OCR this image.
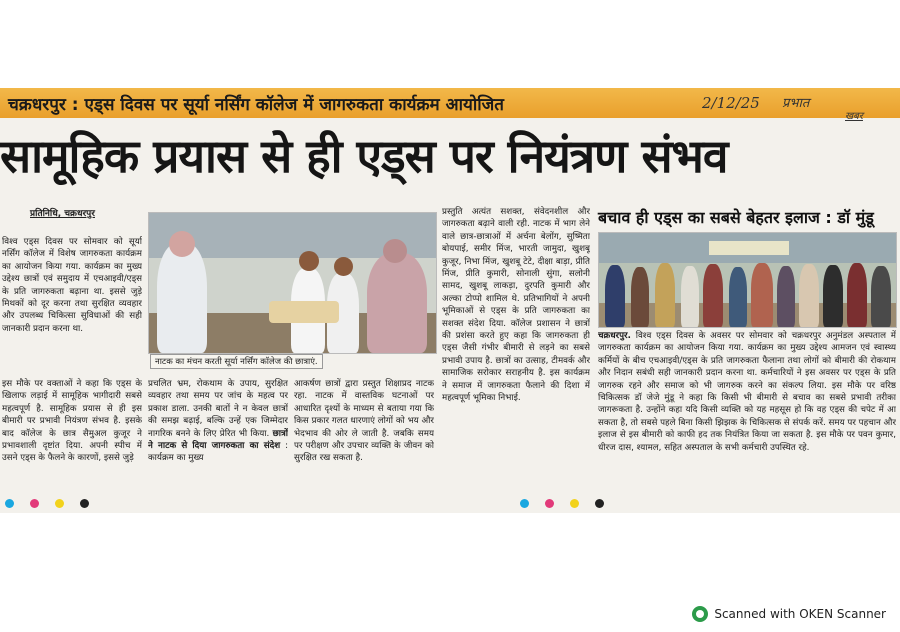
चक्रधरपुर : एड्स दिवस पर सूर्या नर्सिंग कॉलेज में जागरुकता कार्यक्रम आयोजित	2/12/25 प्रभात
खबर
सामूहिक प्रयास से ही एड्स पर नियंत्रण संभव
प्रतिनिधि, चक्रधरपुर

विश्व एड्स दिवस पर सोमवार को सूर्या नर्सिंग कॉलेज में विशेष जागरुकता कार्यक्रम का आयोजन किया गया. कार्यक्रम का मुख्य उद्देश्य छात्रों एवं समुदाय में एचआइवी/एड्स के प्रति जागरुकता बढ़ाना था. इससे जुड़े मिथकों को दूर करना तथा सुरक्षित व्यवहार और उपलब्ध चिकित्सा सुविधाओं की सही जानकारी प्रदान करना था.

इस मौके पर वक्ताओं ने कहा कि एड्स के खिलाफ लड़ाई में सामूहिक भागीदारी सबसे महत्वपूर्ण है. सामूहिक प्रयास से ही इस बीमारी पर प्रभावी नियंत्रण संभव है. इसके बाद कॉलेज के छात्र सैमुअल कुजूर ने प्रभावशाली दृष्टांत दिया. अपनी स्पीच में उसने एड्स के फैलने के कारणों, इससे जुड़े

नाटक का मंचन करती सूर्या नर्सिंग कॉलेज की छात्राएं.

प्रचलित भ्रम, रोकथाम के उपाय, सुरक्षित व्यवहार तथा समय पर जांच के महत्व पर प्रकाश डाला. उनकी बातों ने न केवल छात्रों की समझ बढ़ाई, बल्कि उन्हें एक जिम्मेदार नागरिक बनने के लिए प्रेरित भी किया. छात्रों ने नाटक से दिया जागरुकता का संदेश : कार्यक्रम का मुख्य

आकर्षण छात्रों द्वारा प्रस्तुत शिक्षाप्रद नाटक रहा. नाटक में वास्तविक घटनाओं पर आधारित दृश्यों के माध्यम से बताया गया कि किस प्रकार गलत धारणाएं लोगों को भय और भेदभाव की ओर ले जाती है. जबकि समय पर परीक्षण और उपचार व्यक्ति के जीवन को सुरक्षित रख सकता है.

प्रस्तुति अत्यंत सशक्त, संवेदनशील और जागरुकता बढ़ाने वाली रही. नाटक में भाग लेने वाले छात्र-छात्राओं में अर्चना बेलोंग, सुष्मिता बोयपाई, समीर मिंज, भारती जामुदा, खुशबू कुजूर, निभा मिंज, खुशबू टेटे, दीक्षा बाड़ा, प्रीति मिंज, प्रीति कुमारी, सोनाली सुंगा, सलोनी सामद, खुशबू लाकड़ा, दुरपति कुमारी और अल्का टोप्पो शामिल थे. प्रतिभागियों ने अपनी भूमिकाओं से एड्स के प्रति जागरुकता का सशक्त संदेश दिया. कॉलेज प्रशासन ने छात्रों की प्रशंसा करते हुए कहा कि जागरुकता ही एड्स जैसी गंभीर बीमारी से लड़ने का सबसे प्रभावी उपाय है. छात्रों का उत्साह, टीमवर्क और सामाजिक सरोकार सराहनीय है. इस कार्यक्रम ने समाज में जागरुकता फैलाने की दिशा में महत्वपूर्ण भूमिका निभाई.

बचाव ही एड्स का सबसे बेहतर इलाज : डॉ मुंडू

चक्रधरपुर. विश्व एड्स दिवस के अवसर पर सोमवार को चक्रधरपुर अनुमंडल अस्पताल में जागरुकता कार्यक्रम का आयोजन किया गया. कार्यक्रम का मुख्य उद्देश्य आमजन एवं स्वास्थ्य कर्मियों के बीच एचआइवी/एड्स के प्रति जागरुकता फैलाना तथा लोगों को बीमारी की रोकथाम और निदान सबंधी सही जानकारी प्रदान करना था. कर्मचारियों ने इस अवसर पर एड्स के प्रति जागरुक रहने और समाज को भी जागरुक करने का संकल्प लिया. इस मौके पर वरिष्ठ चिकित्सक डॉ जेजे मुंडू ने कहा कि किसी भी बीमारी से बचाव का सबसे प्रभावी तरीका जागरूकता है. उन्होंने कहा यदि किसी व्यक्ति को यह महसूस हो कि वह एड्स की चपेट में आ सकता है, तो सबसे पहले बिना किसी झिझक के चिकित्सक से संपर्क करें. समय पर पहचान और इलाज से इस बीमारी को काफी हद तक नियंत्रित किया जा सकता है. इस मौके पर पवन कुमार, धीरज दास, श्यामल, सहित अस्पताल के सभी कर्मचारी उपस्थित रहे.

Scanned with OKEN Scanner
